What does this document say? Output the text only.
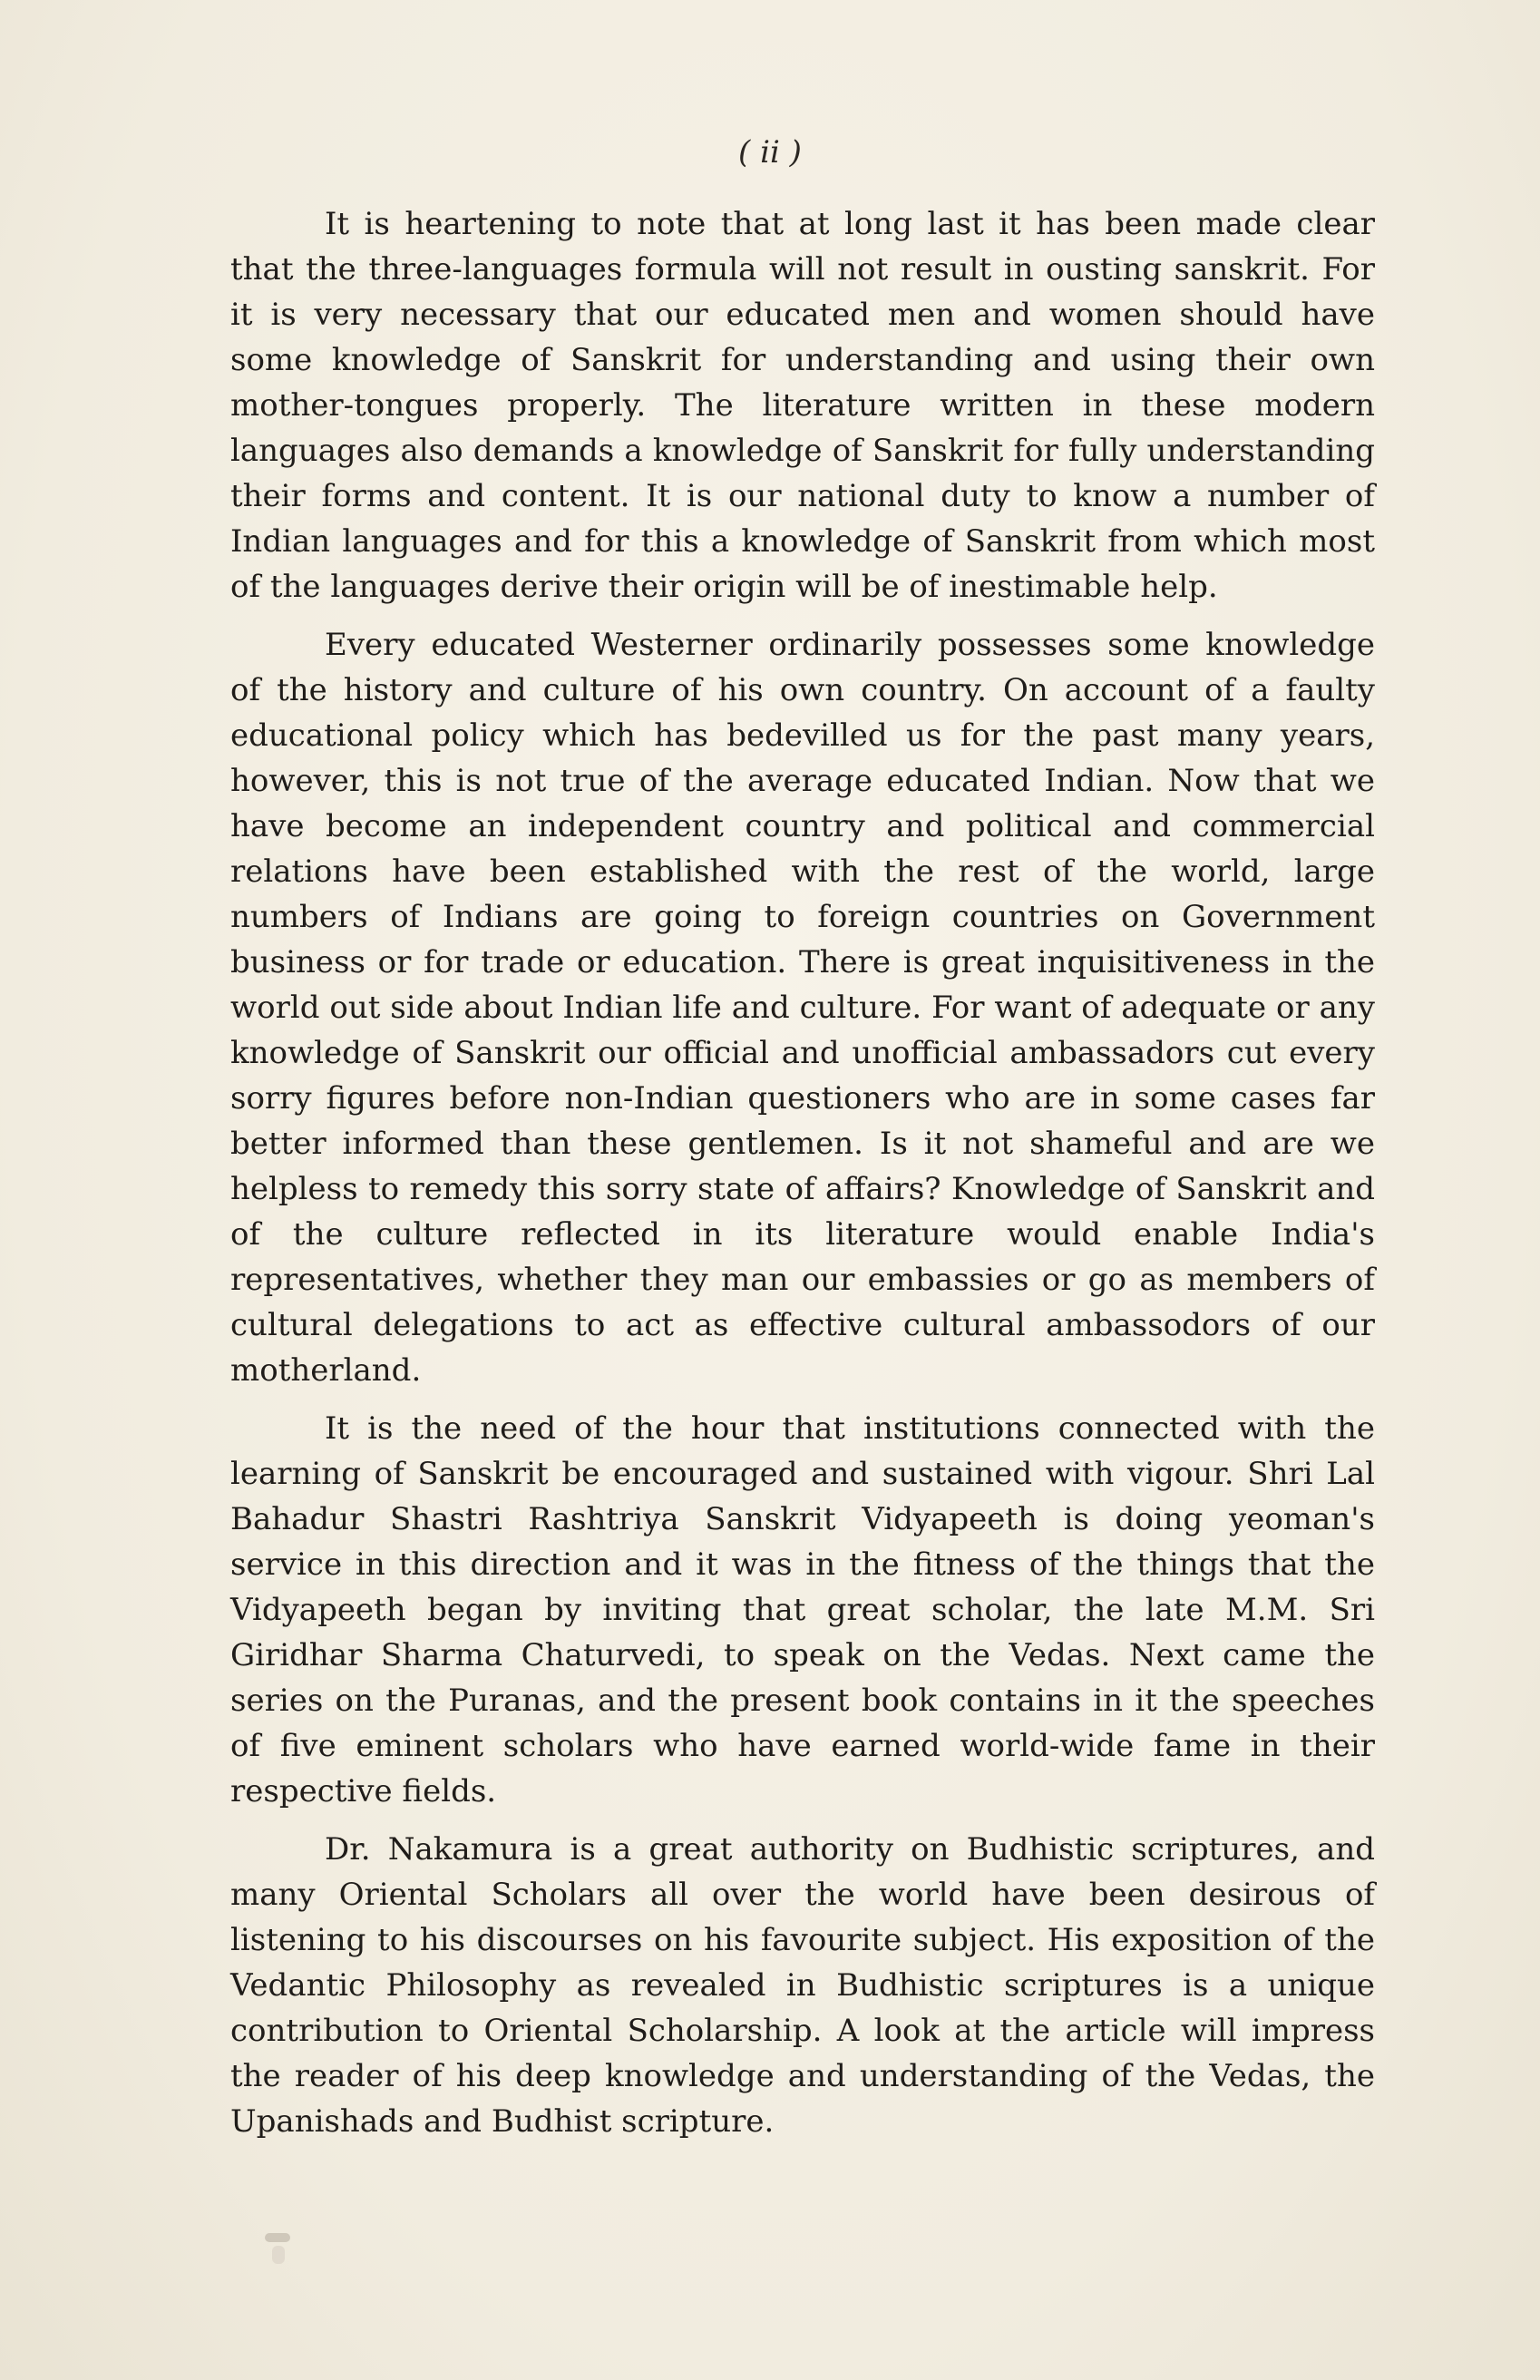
( ii )

It is heartening to note that at long last it has been made clear that the three-languages formula will not result in ousting sanskrit. For it is very necessary that our educated men and women should have some knowledge of Sanskrit for understanding and using their own mother-tongues properly. The literature written in these modern languages also demands a knowledge of Sanskrit for fully understanding their forms and content. It is our national duty to know a number of Indian languages and for this a knowledge of Sanskrit from which most of the languages derive their origin will be of inestimable help.

Every educated Westerner ordinarily possesses some knowledge of the history and culture of his own country. On account of a faulty educational policy which has bedevilled us for the past many years, however, this is not true of the average educated Indian. Now that we have become an independent country and political and commercial relations have been established with the rest of the world, large numbers of Indians are going to foreign countries on Government business or for trade or education. There is great inquisitiveness in the world out side about Indian life and culture. For want of adequate or any knowledge of Sanskrit our official and unofficial ambassadors cut every sorry figures before non-Indian questioners who are in some cases far better informed than these gentlemen. Is it not shameful and are we helpless to remedy this sorry state of affairs? Knowledge of Sanskrit and of the culture reflected in its literature would enable India's representatives, whether they man our embassies or go as members of cultural delegations to act as effective cultural ambassodors of our motherland.

It is the need of the hour that institutions connected with the learning of Sanskrit be encouraged and sustained with vigour. Shri Lal Bahadur Shastri Rashtriya Sanskrit Vidyapeeth is doing yeoman's service in this direction and it was in the fitness of the things that the Vidyapeeth began by inviting that great scholar, the late M.M. Sri Giridhar Sharma Chaturvedi, to speak on the Vedas. Next came the series on the Puranas, and the present book contains in it the speeches of five eminent scholars who have earned world-wide fame in their respective fields.

Dr. Nakamura is a great authority on Budhistic scriptures, and many Oriental Scholars all over the world have been desirous of listening to his discourses on his favourite subject. His exposition of the Vedantic Philosophy as revealed in Budhistic scriptures is a unique contribution to Oriental Scholarship. A look at the article will impress the reader of his deep knowledge and understanding of the Vedas, the Upanishads and Budhist scripture.
